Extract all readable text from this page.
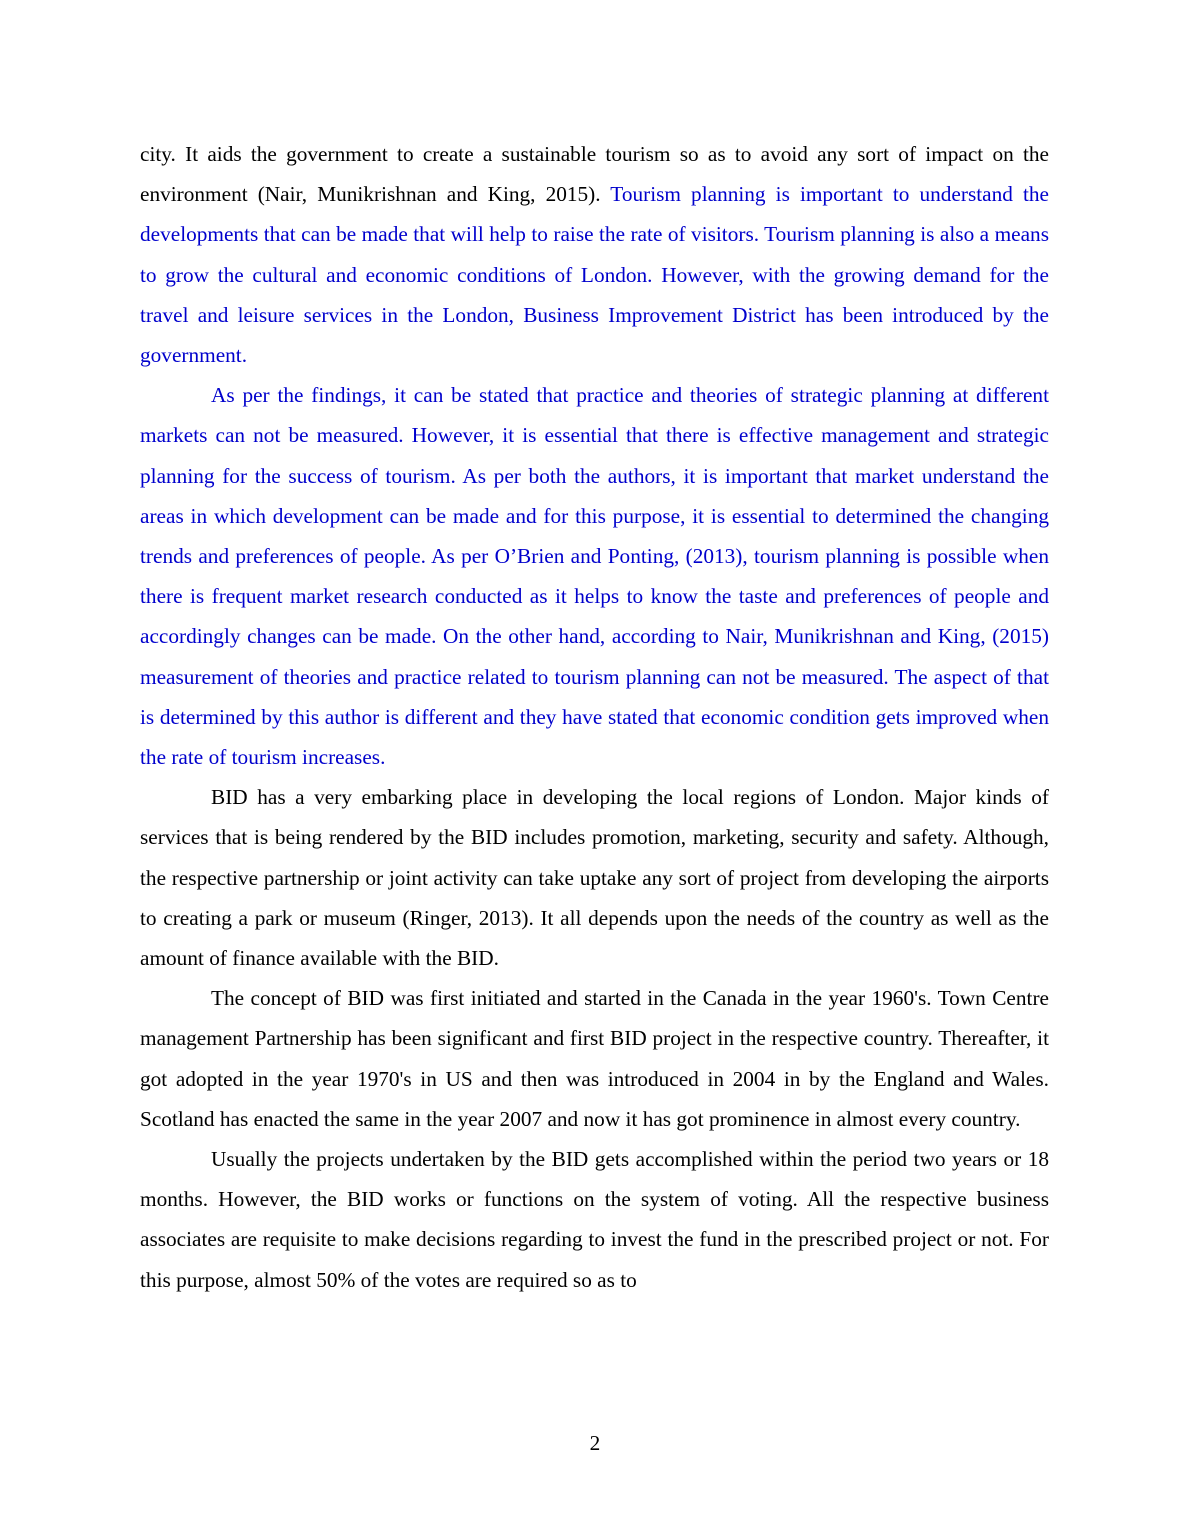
city. It aids the government to create a sustainable tourism so as to avoid any sort of impact on the environment (Nair, Munikrishnan and King, 2015). Tourism planning is important to understand the developments that can be made that will help to raise the rate of visitors. Tourism planning is also a means to grow the cultural and economic conditions of London. However, with the growing demand for the travel and leisure services in the London, Business Improvement District has been introduced by the government.

As per the findings, it can be stated that practice and theories of strategic planning at different markets can not be measured. However, it is essential that there is effective management and strategic planning for the success of tourism. As per both the authors, it is important that market understand the areas in which development can be made and for this purpose, it is essential to determined the changing trends and preferences of people. As per O’Brien and Ponting, (2013), tourism planning is possible when there is frequent market research conducted as it helps to know the taste and preferences of people and accordingly changes can be made. On the other hand, according to Nair, Munikrishnan and King, (2015) measurement of theories and practice related to tourism planning can not be measured. The aspect of that is determined by this author is different and they have stated that economic condition gets improved when the rate of tourism increases.

BID has a very embarking place in developing the local regions of London. Major kinds of services that is being rendered by the BID includes promotion, marketing, security and safety. Although, the respective partnership or joint activity can take uptake any sort of project from developing the airports to creating a park or museum (Ringer, 2013). It all depends upon the needs of the country as well as the amount of finance available with the BID.

The concept of BID was first initiated and started in the Canada in the year 1960's. Town Centre management Partnership has been significant and first BID project in the respective country. Thereafter, it got adopted in the year 1970's in US and then was introduced in 2004 in by the England and Wales. Scotland has enacted the same in the year 2007 and now it has got prominence in almost every country.

Usually the projects undertaken by the BID gets accomplished within the period two years or 18 months. However, the BID works or functions on the system of voting. All the respective business associates are requisite to make decisions regarding to invest the fund in the prescribed project or not. For this purpose, almost 50% of the votes are required so as to

2
